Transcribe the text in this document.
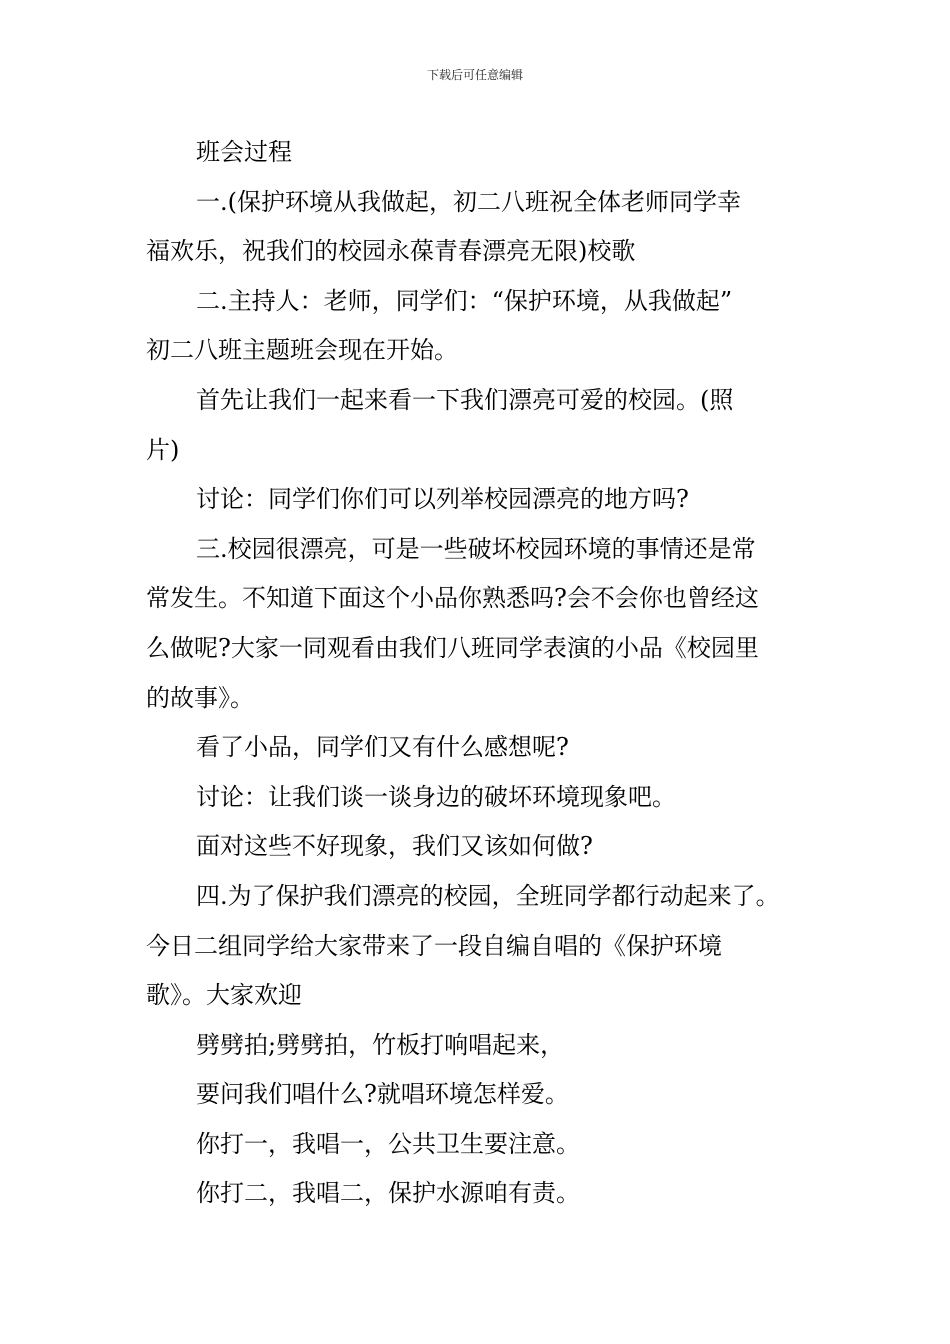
下载后可任意编辑

班会过程

一.(保护环境从我做起，初二八班祝全体老师同学幸
福欢乐，祝我们的校园永葆青春漂亮无限)校歌

二.主持人：老师，同学们：“保护环境，从我做起”
初二八班主题班会现在开始。

首先让我们一起来看一下我们漂亮可爱的校园。(照
片)

讨论：同学们你们可以列举校园漂亮的地方吗?

三.校园很漂亮，可是一些破坏校园环境的事情还是常
常发生。不知道下面这个小品你熟悉吗?会不会你也曾经这
么做呢?大家一同观看由我们八班同学表演的小品《校园里
的故事》。

看了小品，同学们又有什么感想呢?

讨论：让我们谈一谈身边的破坏环境现象吧。

面对这些不好现象，我们又该如何做?

四.为了保护我们漂亮的校园，全班同学都行动起来了。
今日二组同学给大家带来了一段自编自唱的《保护环境
歌》。大家欢迎

劈劈拍;劈劈拍，竹板打响唱起来，

要问我们唱什么?就唱环境怎样爱。

你打一，我唱一，公共卫生要注意。

你打二，我唱二，保护水源咱有责。
